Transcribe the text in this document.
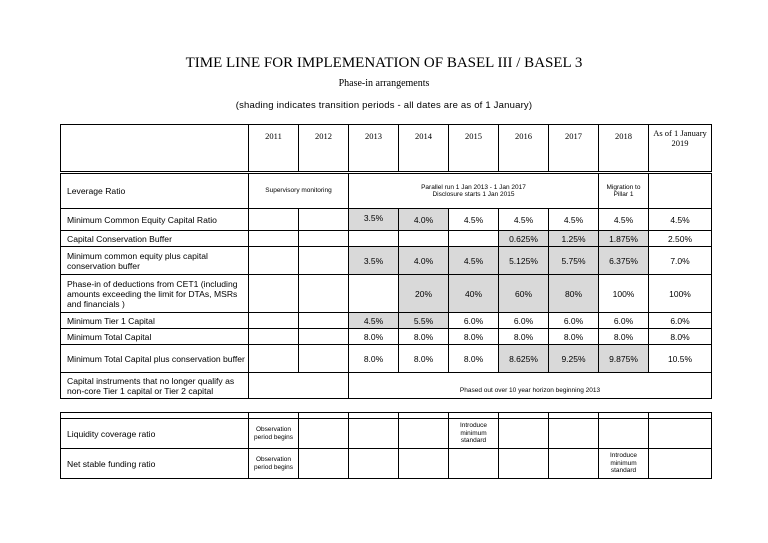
TIME LINE FOR IMPLEMENATION OF BASEL III / BASEL 3
Phase-in arrangements
(shading indicates transition periods - all dates are as of 1 January)
	2011	2012	2013	2014	2015	2016	2017	2018	As of 1 January 2019
Leverage Ratio	Supervisory monitoring		Parallel run 1 Jan 2013 - 1 Jan 2017 Disclosure starts 1 Jan 2015					Migration to Pillar 1	
Minimum Common Equity Capital Ratio			3.5%	4.0%	4.5%	4.5%	4.5%	4.5%	4.5%
Capital Conservation Buffer						0.625%	1.25%	1.875%	2.50%
Minimum common equity plus capital conservation buffer			3.5%	4.0%	4.5%	5.125%	5.75%	6.375%	7.0%
Phase-in of deductions from CET1 (including amounts exceeding the limit for DTAs, MSRs and financials )				20%	40%	60%	80%	100%	100%
Minimum Tier 1 Capital			4.5%	5.5%	6.0%	6.0%	6.0%	6.0%	6.0%
Minimum Total Capital			8.0%	8.0%	8.0%	8.0%	8.0%	8.0%	8.0%
Minimum Total Capital plus conservation buffer			8.0%	8.0%	8.0%	8.625%	9.25%	9.875%	10.5%
Capital instruments that no longer qualify as non-core Tier 1 capital or Tier 2 capital			Phased out over 10 year horizon beginning 2013						

Liquidity coverage ratio	Observation period begins				Introduce minimum standard				
Net stable funding ratio	Observation period begins							Introduce minimum standard	
